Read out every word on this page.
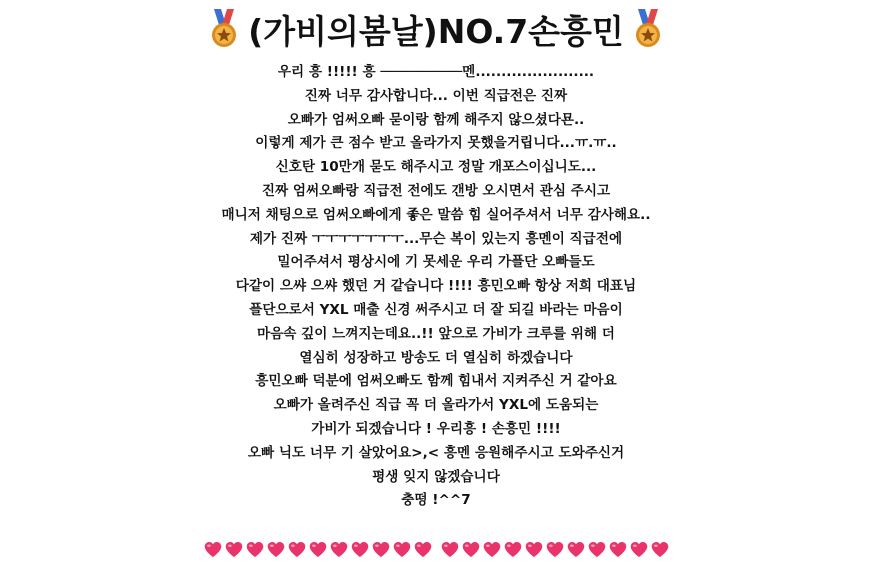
(가비의봄날)NO.7손흥민
우리 흥 !!!!! 흥 ──────────멘.......................
진짜 너무 감사합니다... 이번 직급전은 진짜
오빠가 엄써오빠 묻이랑 함께 해주지 않으셨다묜..
이렇게 제가 큰 점수 받고 올라가지 못했을거립니다...ㅠ.ㅠ..
신호탄 10만개 묻도 해주시고 정말 개포스이십니도...
진짜 엄써오빠랑 직급전 전에도 갠방 오시면서 관심 주시고
매니저 채팅으로 엄써오빠에게 좋은 말씀 힘 실어주셔서 너무 감사해요..
제가 진짜 ㅜㅜㅜㅜㅜㅜㅜ...무슨 복이 있는지 흥멘이 직급전에
밀어주셔서 평상시에 기 못세운 우리 가플단 오빠들도
다같이 으쌰 으쌰 했던 거 같습니다 !!!! 흥민오빠 항상 저희 대표님
플단으로서 YXL 매출 신경 써주시고 더 잘 되길 바라는 마음이
마음속 깊이 느껴지는데요..!! 앞으로 가비가 크루를 위해 더
열심히 성장하고 방송도 더 열심히 하겠습니다
흥민오빠 덕분에 엄써오빠도 함께 힘내서 지켜주신 거 같아요
오빠가 올려주신 직급 꼭 더 올라가서 YXL에 도움되는
가비가 되겠습니다 ! 우리흥 ! 손흥민 !!!!
오빠 닉도 너무 기 살았어요>,< 흥멘 응원해주시고 도와주신거
평생 잊지 않겠습니다
충떵 !^^7
